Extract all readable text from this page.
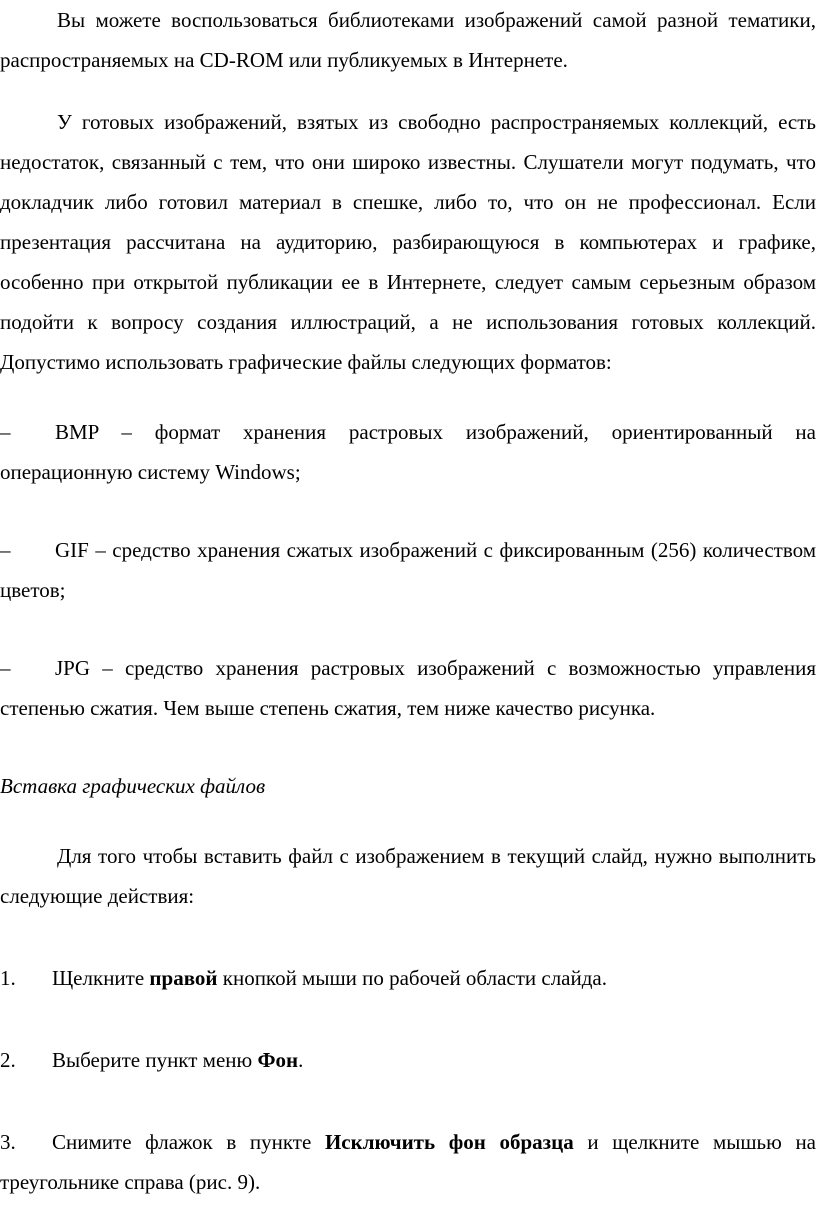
Вы можете воспользоваться библиотеками изображений самой разной тематики, распространяемых на CD-ROM или публикуемых в Интернете.

У готовых изображений, взятых из свободно распространяемых коллекций, есть недостаток, связанный с тем, что они широко известны. Слушатели могут подумать, что докладчик либо готовил материал в спешке, либо то, что он не профессионал. Если презентация рассчитана на аудиторию, разбирающуюся в компьютерах и графике, особенно при открытой публикации ее в Интернете, следует самым серьезным образом подойти к вопросу создания иллюстраций, а не использования готовых коллекций. Допустимо использовать графические файлы следующих форматов:

– BMP – формат хранения растровых изображений, ориентированный на операционную систему Windows;

– GIF – средство хранения сжатых изображений с фиксированным (256) количеством цветов;

– JPG – средство хранения растровых изображений с возможностью управления степенью сжатия. Чем выше степень сжатия, тем ниже качество рисунка.

Вставка графических файлов

Для того чтобы вставить файл с изображением в текущий слайд, нужно выполнить следующие действия:

1. Щелкните правой кнопкой мыши по рабочей области слайда.

2. Выберите пункт меню Фон.

3. Снимите флажок в пункте Исключить фон образца и щелкните мышью на треугольнике справа (рис. 9).
